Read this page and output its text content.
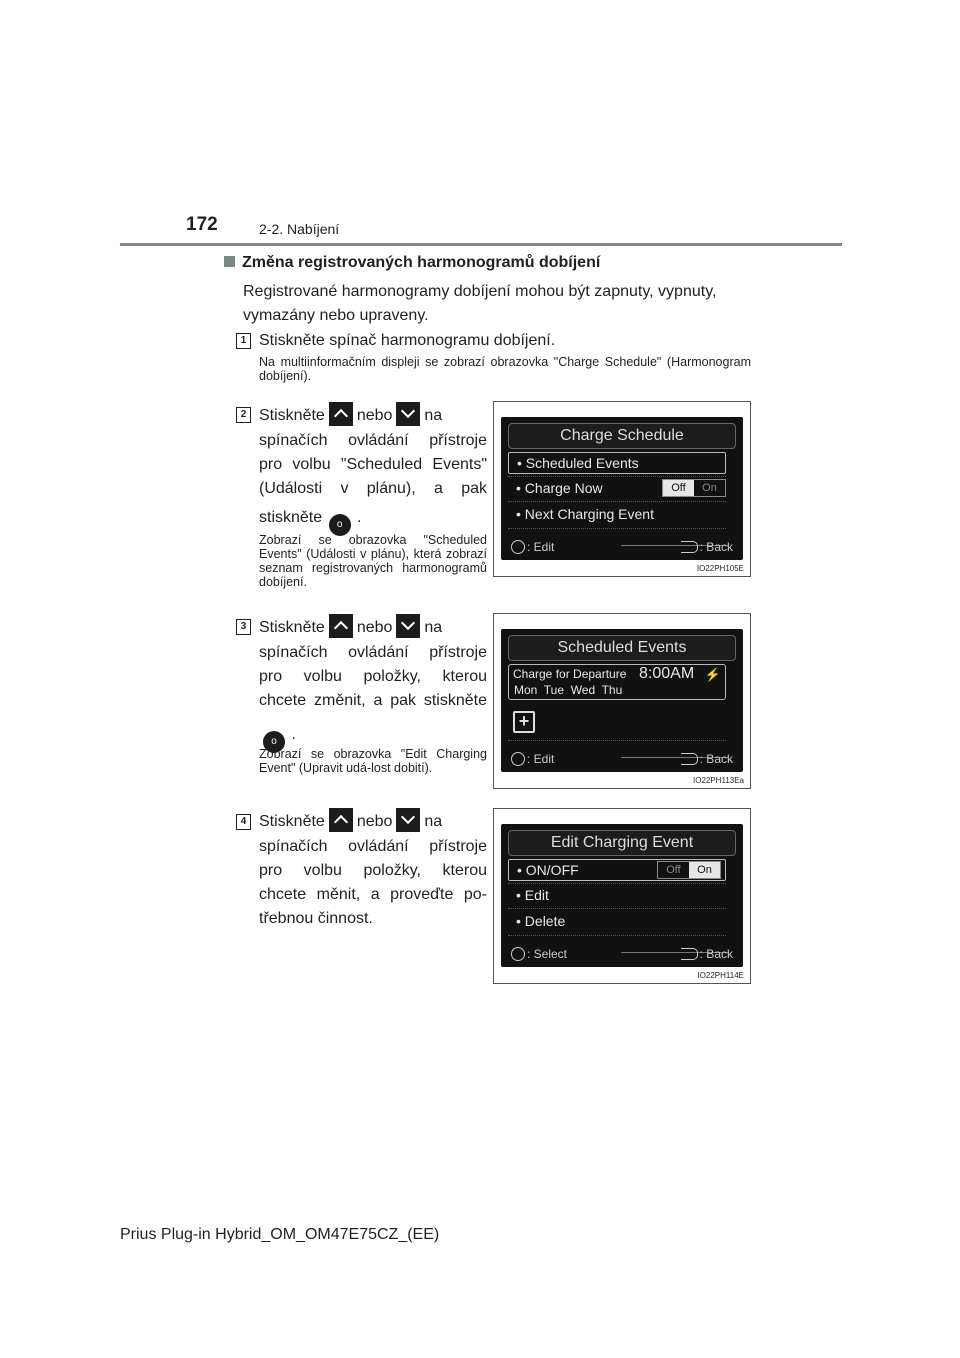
172	2-2. Nabíjení
Změna registrovaných harmonogramů dobíjení
Registrované harmonogramy dobíjení mohou být zapnuty, vypnuty, vymazány nebo upraveny.
1 Stiskněte spínač harmonogramu dobíjení.
Na multiinformačním displeji se zobrazí obrazovka "Charge Schedule" (Harmonogram dobíjení).
2 Stiskněte nebo na
spínačích ovládání přístroje
pro volbu "Scheduled Events"
(Události v plánu), a pak
stiskněte o .
Zobrazí se obrazovka "Scheduled Events" (Události v plánu), která zobrazí seznam registrovaných harmonogramů dobíjení.
3 Stiskněte nebo na
spínačích ovládání přístroje
pro volbu položky, kterou
chcete změnit, a pak stiskněte
o .
Zobrazí se obrazovka "Edit Charging Event" (Upravit udá-lost dobití).
4 Stiskněte nebo na
spínačích ovládání přístroje
pro volbu položky, kterou
chcete měnit, a proveďte po-
třebnou činnost.
Charge Schedule
• Scheduled Events
• Charge Now	Off On
• Next Charging Event
: Edit	: Back
IO22PH105E
Scheduled Events
Charge for Departure 8:00AM ⚡
Mon  Tue  Wed  Thu
+
: Edit	: Back
IO22PH113Ea
Edit Charging Event
• ON/OFF	Off On
• Edit
• Delete
: Select	: Back
IO22PH114E
Prius Plug-in Hybrid_OM_OM47E75CZ_(EE)
